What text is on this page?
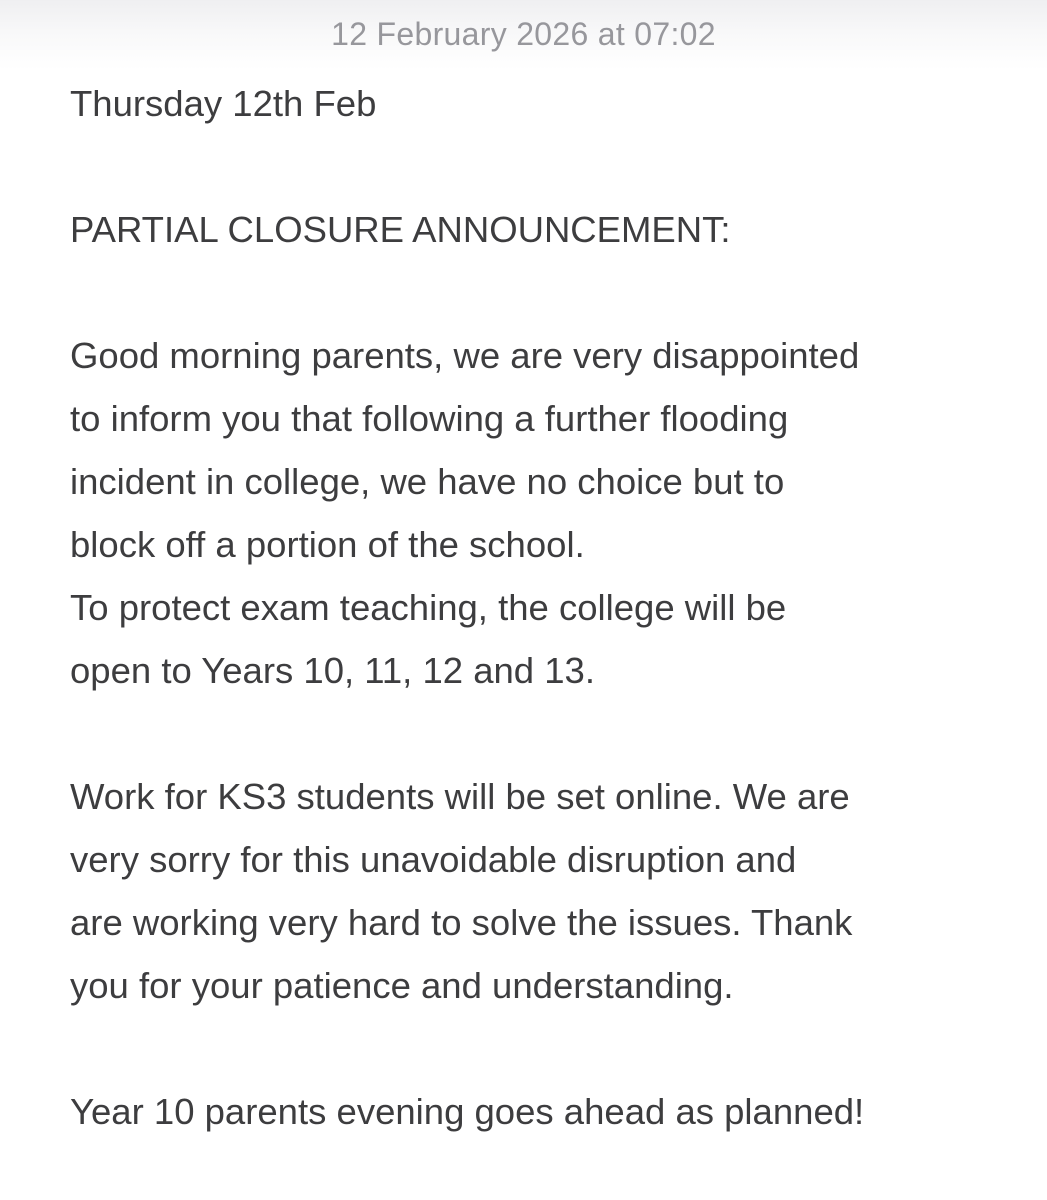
12 February 2026 at 07:02

Thursday 12th Feb

PARTIAL CLOSURE ANNOUNCEMENT:

Good morning parents, we are very disappointed

to inform you that following a further flooding

incident in college, we have no choice but to

block off a portion of the school.

To protect exam teaching, the college will be

open to Years 10, 11, 12 and 13.

Work for KS3 students will be set online. We are

very sorry for this unavoidable disruption and

are working very hard to solve the issues. Thank

you for your patience and understanding.

Year 10 parents evening goes ahead as planned!
